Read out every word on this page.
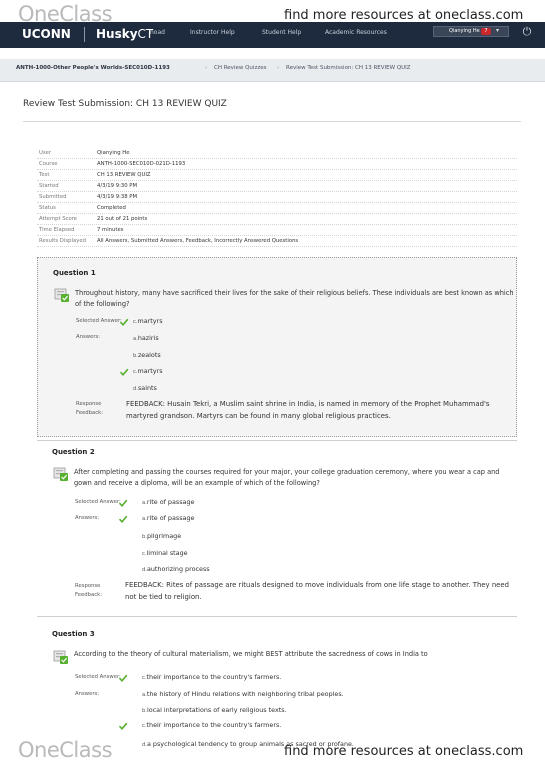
OneClass	find more resources at oneclass.com
UCONN HuskyCT
hoad	Instructor Help	Student Help	Academic Resources	Qianying He 7	▾	⏻
ANTH-1000-Other People's Worlds-SEC010D-1193	› CH Review Quizzes › Review Test Submission: CH 13 REVIEW QUIZ
Review Test Submission: CH 13 REVIEW QUIZ
User	Qianying He
Course	ANTH-1000-SEC010D-021D-1193
Test	CH 13 REVIEW QUIZ
Started	4/3/19 9:30 PM
Submitted	4/3/19 9:38 PM
Status	Completed
Attempt Score	21 out of 21 points
Time Elapsed	7 minutes
Results Displayed All Answers, Submitted Answers, Feedback, Incorrectly Answered Questions
Question 1
Throughout history, many have sacrificed their lives for the sake of their religious beliefs. These individuals are best known as which of the following?
Selected Answer: c.martyrs
Answers:	a.haziris
b.zealots
c.martyrs
d.saints
Response
Feedback:
FEEDBACK: Husain Tekri, a Muslim saint shrine in India, is named in memory of the Prophet Muhammad's martyred grandson. Martyrs can be found in many global religious practices.
Question 2
After completing and passing the courses required for your major, your college graduation ceremony, where you wear a cap and gown and receive a diploma, will be an example of which of the following?
Selected Answer:	a.rite of passage
Answers:	a.rite of passage
b.pilgrimage
c.liminal stage
d.authorizing process
Response
Feedback:
FEEDBACK: Rites of passage are rituals designed to move individuals from one life stage to another. They need not be tied to religion.
Question 3
According to the theory of cultural materialism, we might BEST attribute the sacredness of cows in India to
Selected Answer:	c.their importance to the country's farmers.
Answers:	a.the history of Hindu relations with neighboring tribal peoples.
b.local interpretations of early religious texts.
c.their importance to the country's farmers.
d.a psychological tendency to group animals as sacred or profane.
OneClass	find more resources at oneclass.com
